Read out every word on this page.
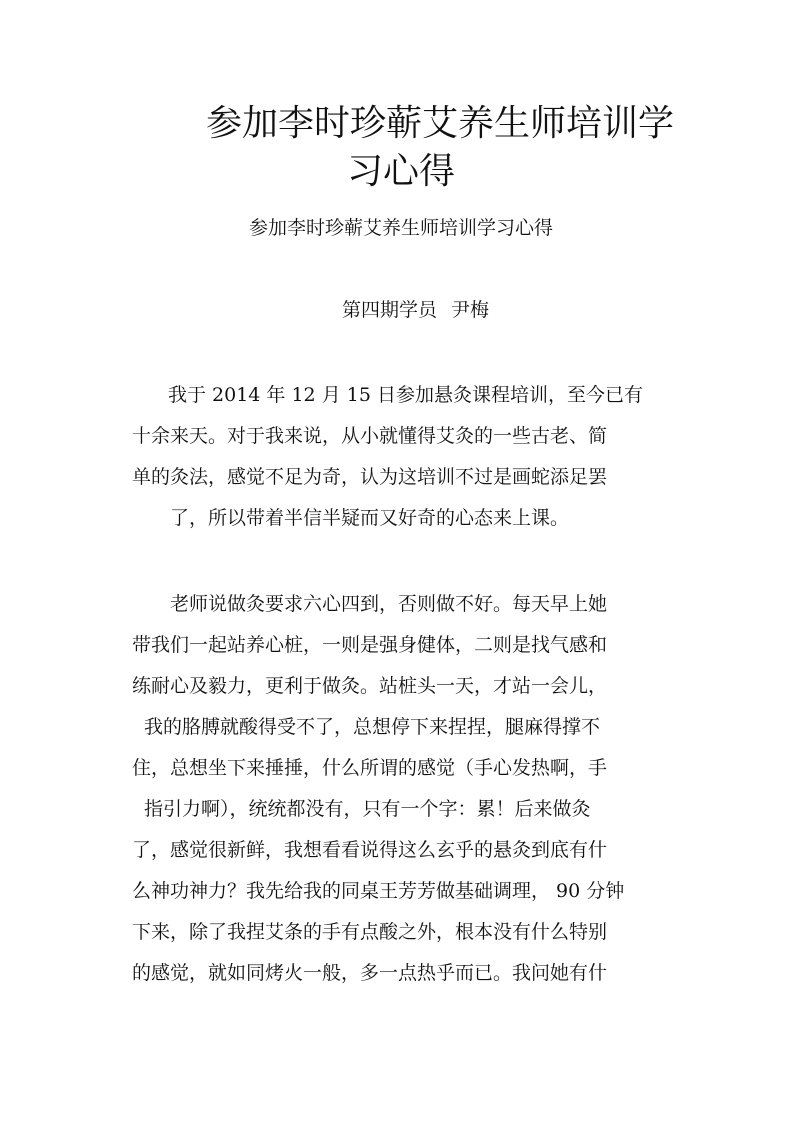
参加李时珍蕲艾养生师培训学
习心得
参加李时珍蕲艾养生师培训学习心得
第四期学员 尹梅
我于 2014 年 12 月 15 日参加悬灸课程培训，至今已有
十余来天。对于我来说，从小就懂得艾灸的一些古老、简
单的灸法，感觉不足为奇，认为这培训不过是画蛇添足罢
了，所以带着半信半疑而又好奇的心态来上课。
老师说做灸要求六心四到，否则做不好。每天早上她
带我们一起站养心桩，一则是强身健体，二则是找气感和
练耐心及毅力，更利于做灸。站桩头一天，才站一会儿，
我的胳膊就酸得受不了，总想停下来捏捏，腿麻得撑不
住，总想坐下来捶捶，什么所谓的感觉（手心发热啊，手
指引力啊），统统都没有，只有一个字：累！后来做灸
了，感觉很新鲜，我想看看说得这么玄乎的悬灸到底有什
么神功神力？我先给我的同桌王芳芳做基础调理， 90 分钟
下来，除了我捏艾条的手有点酸之外，根本没有什么特别
的感觉，就如同烤火一般，多一点热乎而已。我问她有什
